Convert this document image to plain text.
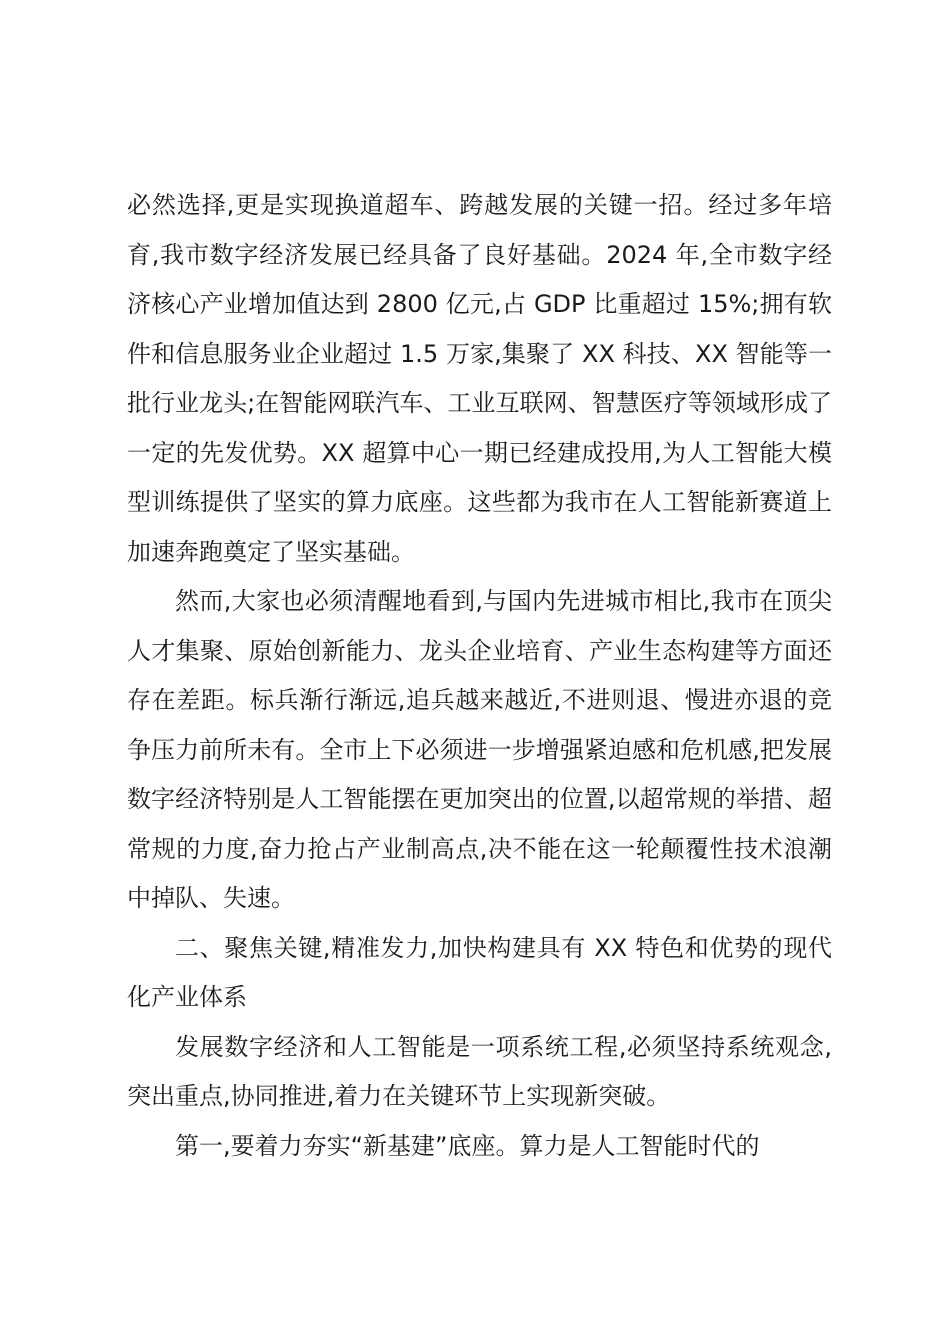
必然选择,更是实现换道超车、跨越发展的关键一招。经过多年培育,我市数字经济发展已经具备了良好基础。2024 年,全市数字经济核心产业增加值达到 2800 亿元,占 GDP 比重超过 15%;拥有软件和信息服务业企业超过 1.5 万家,集聚了 XX 科技、XX 智能等一批行业龙头;在智能网联汽车、工业互联网、智慧医疗等领域形成了一定的先发优势。XX 超算中心一期已经建成投用,为人工智能大模型训练提供了坚实的算力底座。这些都为我市在人工智能新赛道上加速奔跑奠定了坚实基础。

然而,大家也必须清醒地看到,与国内先进城市相比,我市在顶尖人才集聚、原始创新能力、龙头企业培育、产业生态构建等方面还存在差距。标兵渐行渐远,追兵越来越近,不进则退、慢进亦退的竞争压力前所未有。全市上下必须进一步增强紧迫感和危机感,把发展数字经济特别是人工智能摆在更加突出的位置,以超常规的举措、超常规的力度,奋力抢占产业制高点,决不能在这一轮颠覆性技术浪潮中掉队、失速。

二、聚焦关键,精准发力,加快构建具有 XX 特色和优势的现代化产业体系

发展数字经济和人工智能是一项系统工程,必须坚持系统观念,突出重点,协同推进,着力在关键环节上实现新突破。

第一,要着力夯实“新基建”底座。算力是人工智能时代的
